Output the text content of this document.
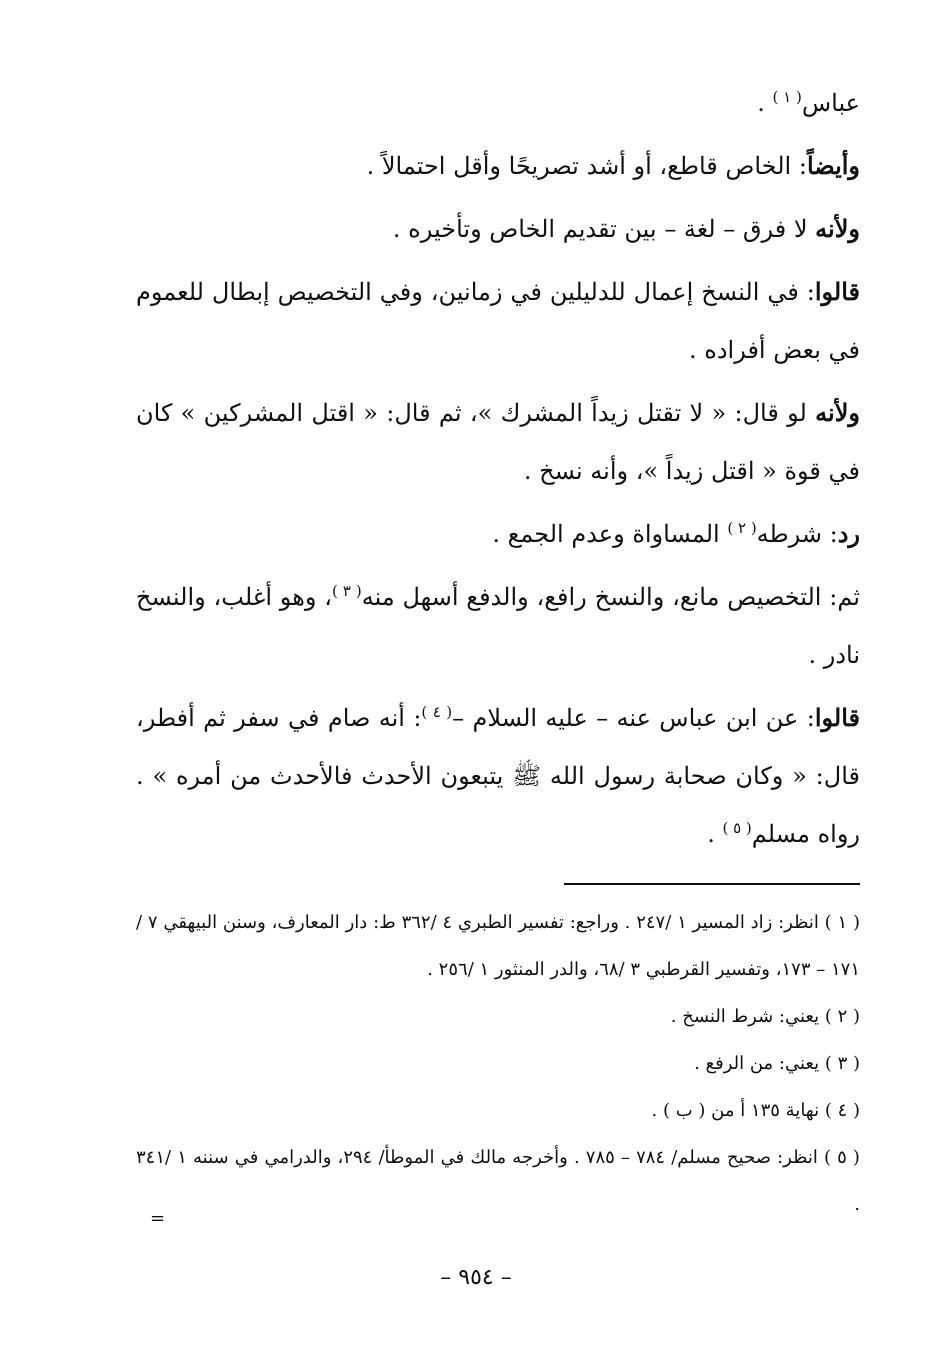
عباس$^{( ١ )}$ .

وأيضاً: الخاص قاطع، أو أشد تصريحًا وأقل احتمالاً .

ولأنه لا فرق – لغة – بين تقديم الخاص وتأخيره .

قالوا: في النسخ إعمال للدليلين في زمانين، وفي التخصيص إبطال للعموم في بعض أفراده .

ولأنه لو قال: « لا تقتل زيداً المشرك »، ثم قال: « اقتل المشركين » كان في قوة « اقتل زيداً »، وأنه نسخ .

رد: شرطه$^{( ٢ )}$ المساواة وعدم الجمع .

ثم: التخصيص مانع، والنسخ رافع، والدفع أسهل منه$^{( ٣ )}$، وهو أغلب، والنسخ نادر .

قالوا: عن ابن عباس عنه – عليه السلام –$^{( ٤ )}$: أنه صام في سفر ثم أفطر، قال: « وكان صحابة رسول الله ﷺ يتبعون الأحدث فالأحدث من أمره » . رواه مسلم$^{( ٥ )}$ .

( ١ ) انظر: زاد المسير ١ /٢٤٧ . وراجع: تفسير الطبري ٤ /٣٦٢ ط: دار المعارف، وسنن البيهقي ٧ /١٧١ – ١٧٣، وتفسير القرطبي ٣ /٦٨، والدر المنثور ١ /٢٥٦ .

( ٢ ) يعني: شرط النسخ .

( ٣ ) يعني: من الرفع .

( ٤ ) نهاية ١٣٥ أ من ( ب ) .

( ٥ ) انظر: صحيح مسلم/ ٧٨٤ – ٧٨٥ . وأخرجه مالك في الموطأ/ ٢٩٤، والدرامي في سننه ١ /٣٤١ .

=
– ٩٥٤ –
